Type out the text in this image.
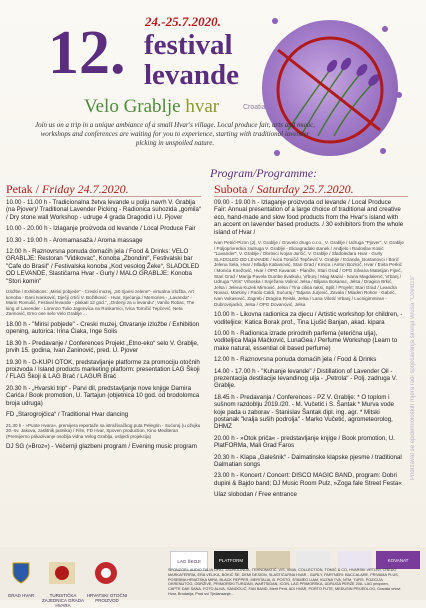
24.-25.7.2020.
12. festival
levande
Velo Grablje hvar	Croatia
Join us on a trip in a unique ambiance of a small Hvar's village. Local produce fair, arts and music, workshops and conferences are waiting for you to experience, starting with traditional lavender picking in unspoiled nature.
Program/Programme:
Pridržavat se epidemioloških mjera radi sprječavanja širenja virusa "Covid19"
Petak / Friday 24.7.2020.

10.00 - 11.00 h - Tradicionalna žetva levande u polju navrh V. Grablja (na Pjover)/ Traditional Lavender Picking - Radionica suhozida „gomila“ / Dry stone wall Workshop - udruge 4 grada Dragodid i U. Pjover

10.00 - 20.00 h - Izlaganje proizvoda od levande / Local Produce Fair

10.30 - 19.00 h - Aromamasaža / Aroma massage

12.00 h - Raznovrsna ponuda domaćih jela / Food & Drinks: VELO GRABLJE: Restoran "Vidikovac", Konoba „Zbondini“, Festivalski bar "Cafe do Brasil" / Festivalska konoba „Kod vesolog Žeke“, SLADOLED OD LEVANDE, Slastičarna Hvar - Gurly / MALO GRABLJE: Konoba "Stori komin"

Izložbe / Exhibitions: „Mirisi pobjede“ - Creski muzej, „50 njansi zelene“- virtualna izložba, Art konoba - Đani Ivanković, Dječji crtići V. Božitković - Hvar, Sjećanja / Memories - „Lavanda“ - Marin Romulić, Festival levande - plakati 12 god.", „Ordenji za u levandu“, Vanilo Robac, The king of Lavender - Lorenzo Tulio Jagenvica na Roskarnici, Ivica Tomičić Tepčević, Neta Zarinović, Erno one selo Velo Grablje ...

18.00 h - "Mirisi pobjede" - Creski muzej, Otvaranje izložbe / Exhibition opening, autorica: Irina Ćiaka, Inge Solis

18.30 h - Predavanje / Conferences Projekt „Etno-eko“ selo V. Grablje, prvih 15. godina, Ivan Zaninović, pred. U. Pjover

19.30 h - D-KUPI OTOK, predstavljanje platforme za promociju otočnih proizvoda / Island products marketing platform: presentation LAG Škoji / FLAG Škoji & LAG Brač / LAGUR Brač

20.30 h - „Hvarski trip“ - Parvi dil, predstavljanje nove knjige Damira Carića / Book promotion, U. Tartajun (objetnica 10 god. od brodolomca broja udruga)

FD „Starogrojčica“ / Traditional Hvar dancing

21.30 h - »Punte Hvara«, premijera reportaže sa istraživačkog puta Pelegrin - Sućuraj (u ožujku 20.-sv. Jakova, zaslitnik putnika) / Film, FD Hvar, Spoven production, Kino Mediteran (Premijerno prikazivanje osoblja vidna Velog Grablja, uslijedi projekcija)

DJ SG (»Broz«) - Večernji glazbeni program / Evening music program

Subota / Saturday 25.7.2020.

09.00 - 19.00 h - Izlaganje proizvoda od levande / Local Produce Fair: Annual presentation of a large choice of traditional and creative eco, hand-made and slow food products from the Hvar's island with an accent on lavender based products. / 30 exhibitors from the whole island of Hvar /

Ivan Petrić-Pizon (J), V. Grablje / Gravelo drugo o.r.o., V. Grablje / Udruga "Pjover", V. Grablje / Poljoprivredna zadruga V. Grablje - Ekoagradaki stanek / Anđjelo i Radoslav Kosić "Lavander", V. Grablje / Obrtnici Ivojan Jurčić, V. Grablje / Sladoledara Hvar - Gurly SLADOLED OD LEVANDE / Ivica Tomičić Tepčević V. Grablje / Eclanda_Bostanovci / Borić Jelena Sela, Hvar / Mladja Kabanović, Stari Grad / Kmica i Anton Bozicič, Hvar / Evita Perkić / Monica Knežović, Hvar / OPG Kavanat - Planiže, Stari Grad / OPG Silvana Matetijan Fijnić, Stari Grad / Marija Pavela Dumbe Ilvatkulu, Vrbunj / Mag Mazal - Ivana Magdalenić, Vrbanj / Udruga "Vrtis" Vrboska / Snježana Volinić Jelsa / Biljana Bosanac, Jelsa / Dragica Brkić, Jelsa / Jelena Kuzek Mirnović, Jelsa / Tina cilioa raksi, Split / Projekt; Stari Grad / Leandra Novaci, Markiny / Paolo Caldi, Sućuraj / Tatjana Jurjević, Zavala / Mladen Rokov - Gabrić, Ivan Vukasović, Zagreb / Dragica Reiski, Jelsa / Lana Vilotić Vrbanj / Lucnigimmiran - Dubrovnjacko, Jelsa / OPG Dovanović, Jelsa

10.00 h - Likovna radionica za djecu / Artistic workshop for children, - voditeljice: Katica Borak prof., Tina Ljušić Banjan, akad. kipara

10.00 h - Radionica izrade prirodnih parfema (eteričnа ulja), voditeljica Maja Mačković, LunaGea / Perfume Workshop (Learn to make natural, essential oil based perfume)

12.00 h - Raznovrsna ponuda domaćih jela / Food & Drinks

14.00 - 17.00 h - "Kuhanje levande" / Distillation of Lavender Oil - prezentacija destilacije levandinog ulja - „Petrola“ - Polj. zadruga V. Grablje.

18.45 h - Predavanja / Conferences - PZ V. Grablje: * O toplom i sušnom razdoblju 2019./20. - M. Vučetić i S. Šantak * Murva vode koje pada u zaborav - Stanislav Šantak dipl. ing. agr. * Mitski postanak "kralja suših podrolja" - Marko Vučetić, agrometeorolog, DHMZ

20.00 h - »Otok priča« - predstavljanje knjige / Book promotion, U. PlatFORMa, Mali Grad Faros

20.30 h - Klapa „Galešnik“ - Dalmatinske klapske pjesme / traditional Dalmatian songs

23.00 h - Koncert / Concert: DISCO MAGIC BAND, program: Dobri dupini & Bajdo band; DJ Music Room Pulz, »Zoga fale Street Festa«

Ulaz slobodan / Free entrance

GRAD HVAR	TURISTIČKA ZAJEDNICA GRADA HVARA
HRVATSKI OTOČNI PROIZVOD
LAG ŠKOJI	PLATFORM	KOVANAT
SPONZORI: AUDIO TALIA OPAT, JADROLINIJA, TEHNOMATIĆ, VIS, VIMA, COLLECTION, TOMIĆ & CO, HVARSKI VRTOVI, CREDO MARKAFERRIA, ERA VELIKA, BOKIĆ ŠE, DEMI DESIGN, SLASTIČARNA HVAR - GURLY, PARTNERI: BACCALARE, PRIVAMA PLUS, POSEBNA HRVATSKA MIRA, BLACK PEPPER, MERITALIA, B. POSTO, STAMEO LIAM, KUZNA TVA, NTM, TURS, POZICIJA OKRENUTOG, ODRŽIVE, PRIMORSKI TURIZAM, WARTSIDAN, ICON, LAG PRIMORSKA, UDRUGA PERZE 20A. LAG priopćen, CAPTE DAK SANA, FOTO ALIVA, SANDOLIĆ, FAN BAND, Merit Perit, ADI HVAR, PORTO FUTE, MEDUSIN PRIJEDLOG, Gradski vrtovi Hvar, Brodarija, Prod svi Tjedansanje...
